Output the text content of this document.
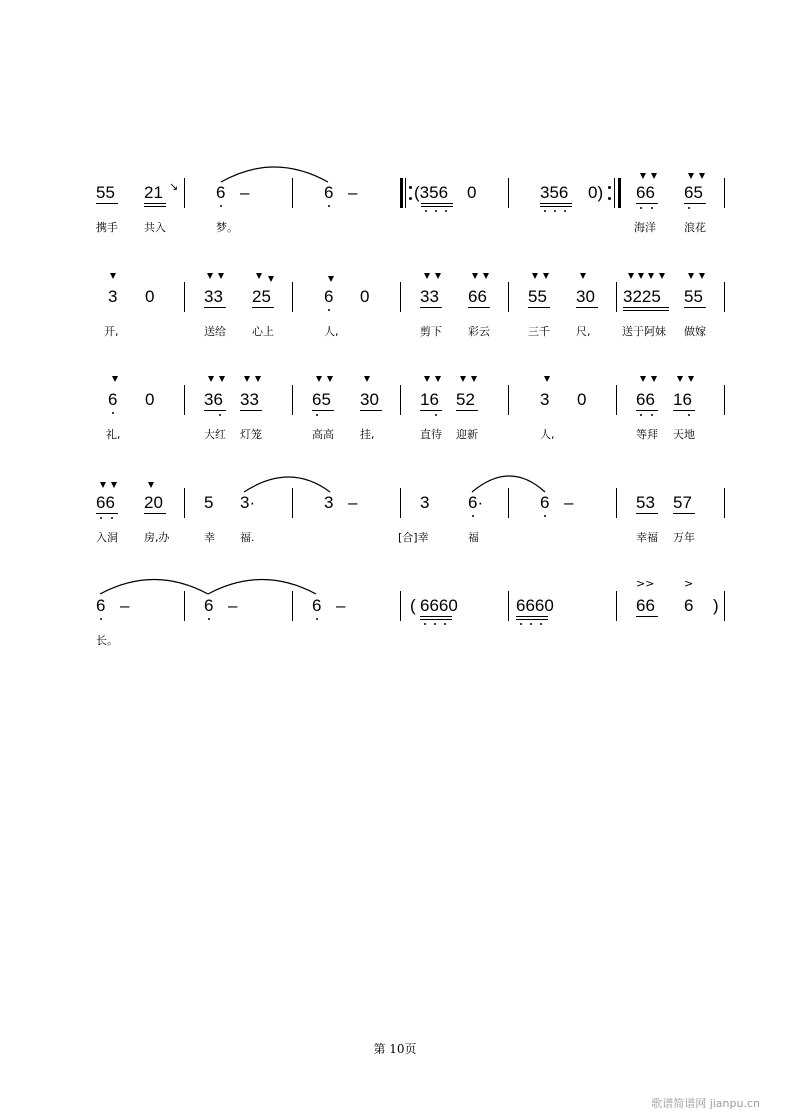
55 21 ↘ 6 –	6 –	(356 0	356 0) 66 65
携手 共入	梦。	海洋	浪花
3 0	33 25	6 0	33 66 55 30 3225 55
开,	送给 心上	人,	剪下 彩云	三千 尺,	送于阿妹 做嫁
6 0	36 33	65 30 16 52	3 0	66 16
礼,	大红 灯笼	高高 挂,	直待 迎新	人,	等拜 天地
66 20 5 3·	3 –	3 6·	6 –	53 57
入洞 房,办	幸 福.	[合]幸	福	幸福 万年
6 –	6 –	6 –	( 6660	6660
>>
66
>
6 )
长。
第 10页
歌谱简谱网 jianpu.cn
